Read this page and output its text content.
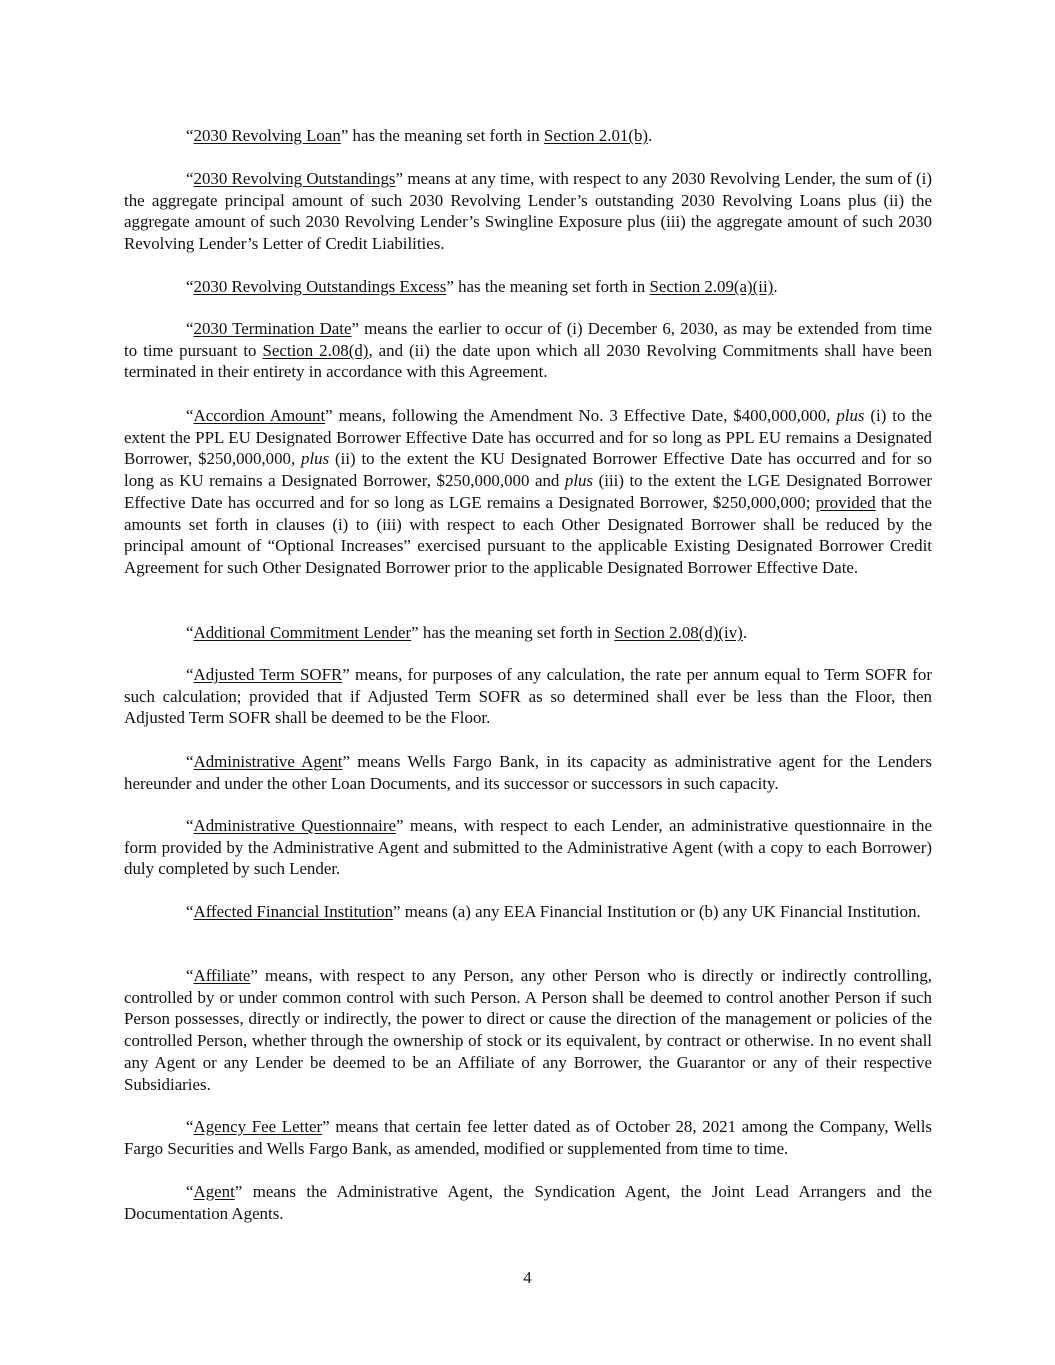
“2030 Revolving Loan” has the meaning set forth in Section 2.01(b).

“2030 Revolving Outstandings” means at any time, with respect to any 2030 Revolving Lender, the sum of (i) the aggregate principal amount of such 2030 Revolving Lender’s outstanding 2030 Revolving Loans plus (ii) the aggregate amount of such 2030 Revolving Lender’s Swingline Exposure plus (iii) the aggregate amount of such 2030 Revolving Lender’s Letter of Credit Liabilities.

“2030 Revolving Outstandings Excess” has the meaning set forth in Section 2.09(a)(ii).

“2030 Termination Date” means the earlier to occur of (i) December 6, 2030, as may be extended from time to time pursuant to Section 2.08(d), and (ii) the date upon which all 2030 Revolving Commitments shall have been terminated in their entirety in accordance with this Agreement.

“Accordion Amount” means, following the Amendment No. 3 Effective Date, $400,000,000, plus (i) to the extent the PPL EU Designated Borrower Effective Date has occurred and for so long as PPL EU remains a Designated Borrower, $250,000,000, plus (ii) to the extent the KU Designated Borrower Effective Date has occurred and for so long as KU remains a Designated Borrower, $250,000,000 and plus (iii) to the extent the LGE Designated Borrower Effective Date has occurred and for so long as LGE remains a Designated Borrower, $250,000,000; provided that the amounts set forth in clauses (i) to (iii) with respect to each Other Designated Borrower shall be reduced by the principal amount of “Optional Increases” exercised pursuant to the applicable Existing Designated Borrower Credit Agreement for such Other Designated Borrower prior to the applicable Designated Borrower Effective Date.

“Additional Commitment Lender” has the meaning set forth in Section 2.08(d)(iv).

“Adjusted Term SOFR” means, for purposes of any calculation, the rate per annum equal to Term SOFR for such calculation; provided that if Adjusted Term SOFR as so determined shall ever be less than the Floor, then Adjusted Term SOFR shall be deemed to be the Floor.

“Administrative Agent” means Wells Fargo Bank, in its capacity as administrative agent for the Lenders hereunder and under the other Loan Documents, and its successor or successors in such capacity.

“Administrative Questionnaire” means, with respect to each Lender, an administrative questionnaire in the form provided by the Administrative Agent and submitted to the Administrative Agent (with a copy to each Borrower) duly completed by such Lender.

“Affected Financial Institution” means (a) any EEA Financial Institution or (b) any UK Financial Institution.

“Affiliate” means, with respect to any Person, any other Person who is directly or indirectly controlling, controlled by or under common control with such Person. A Person shall be deemed to control another Person if such Person possesses, directly or indirectly, the power to direct or cause the direction of the management or policies of the controlled Person, whether through the ownership of stock or its equivalent, by contract or otherwise. In no event shall any Agent or any Lender be deemed to be an Affiliate of any Borrower, the Guarantor or any of their respective Subsidiaries.

“Agency Fee Letter” means that certain fee letter dated as of October 28, 2021 among the Company, Wells Fargo Securities and Wells Fargo Bank, as amended, modified or supplemented from time to time.

“Agent” means the Administrative Agent, the Syndication Agent, the Joint Lead Arrangers and the Documentation Agents.

4
